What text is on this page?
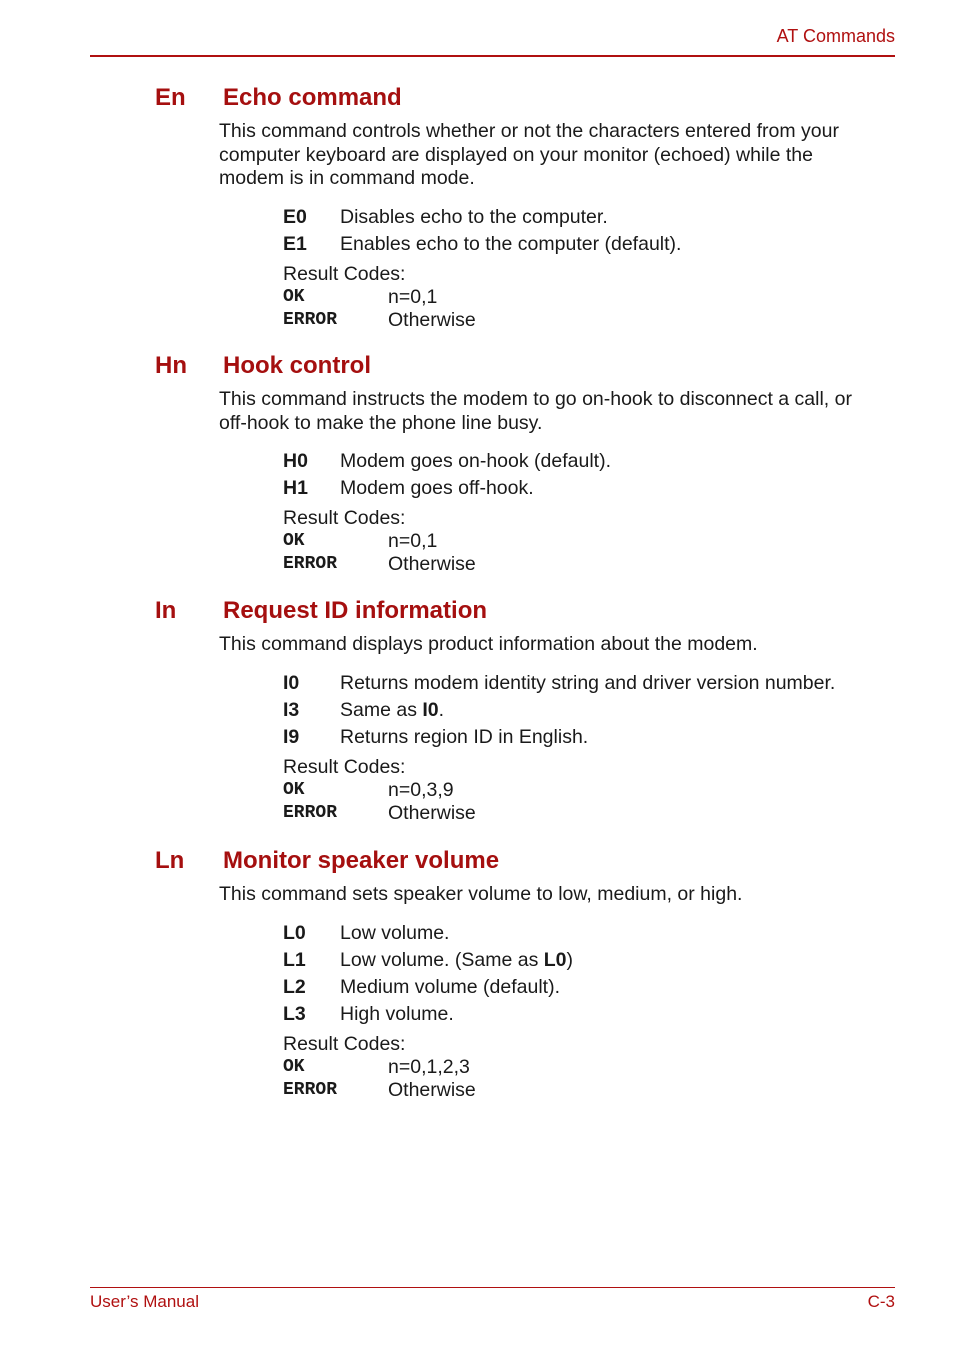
AT Commands
En Echo command
This command controls whether or not the characters entered from your computer keyboard are displayed on your monitor (echoed) while the modem is in command mode.
E0 Disables echo to the computer.
E1 Enables echo to the computer (default).
Result Codes:
OK	n=0,1
ERROR	Otherwise
Hn Hook control
This command instructs the modem to go on-hook to disconnect a call, or off-hook to make the phone line busy.
H0 Modem goes on-hook (default).
H1 Modem goes off-hook.
Result Codes:
OK	n=0,1
ERROR	Otherwise
In Request ID information
This command displays product information about the modem.
I0 Returns modem identity string and driver version number.
I3 Same as I0.
I9 Returns region ID in English.
Result Codes:
OK	n=0,3,9
ERROR	Otherwise
Ln Monitor speaker volume
This command sets speaker volume to low, medium, or high.
L0 Low volume.
L1 Low volume. (Same as L0)
L2 Medium volume (default).
L3 High volume.
Result Codes:
OK	n=0,1,2,3
ERROR	Otherwise
User’s Manual	C-3
